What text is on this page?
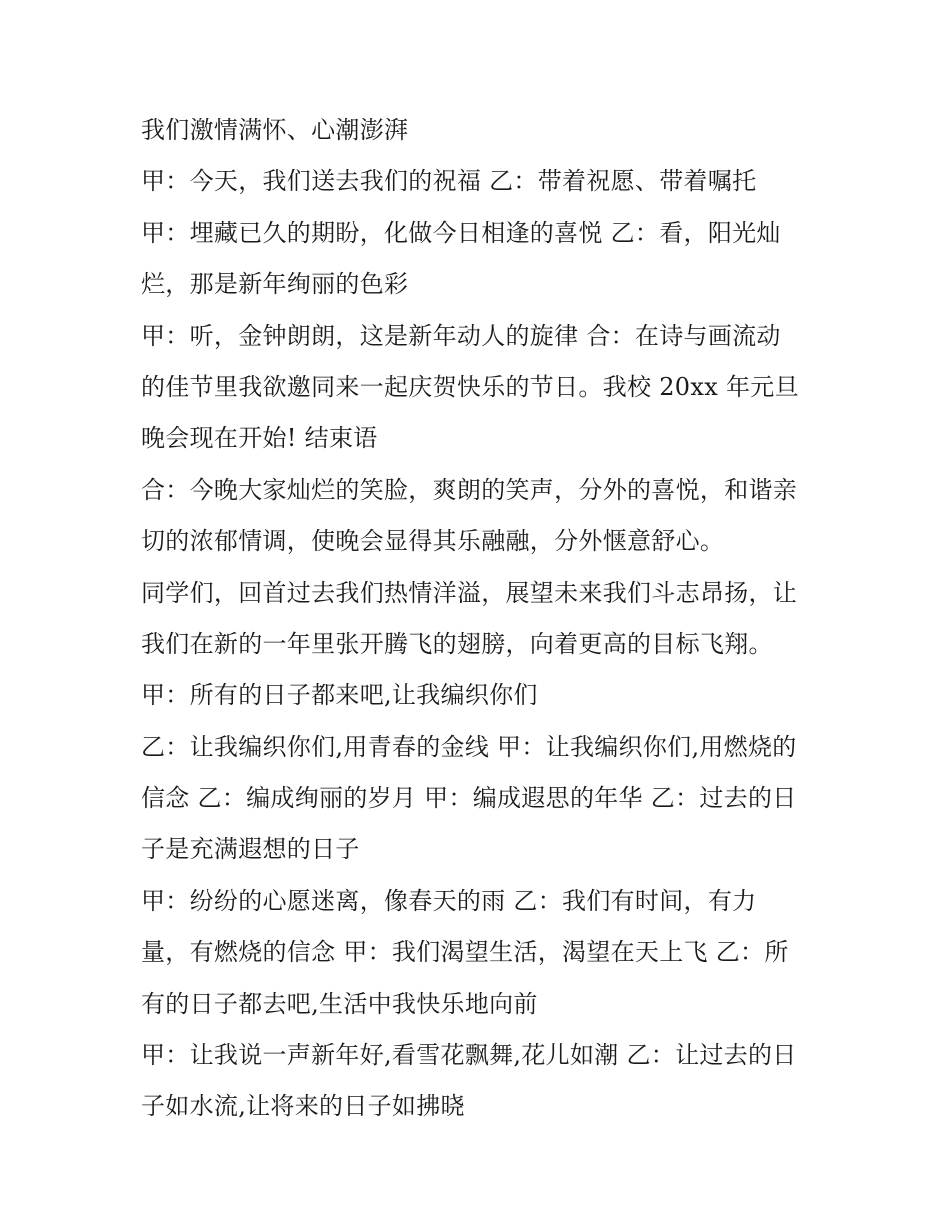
我们激情满怀、心潮澎湃
甲：今天，我们送去我们的祝福 乙：带着祝愿、带着嘱托
甲：埋藏已久的期盼，化做今日相逢的喜悦 乙：看，阳光灿
烂，那是新年绚丽的色彩
甲：听，金钟朗朗，这是新年动人的旋律 合：在诗与画流动
的佳节里我欲邀同来一起庆贺快乐的节日。我校 20xx 年元旦
晚会现在开始! 结束语
合：今晚大家灿烂的笑脸，爽朗的笑声，分外的喜悦，和谐亲
切的浓郁情调，使晚会显得其乐融融，分外惬意舒心。
同学们，回首过去我们热情洋溢，展望未来我们斗志昂扬，让
我们在新的一年里张开腾飞的翅膀，向着更高的目标飞翔。
甲：所有的日子都来吧,让我编织你们
乙：让我编织你们,用青春的金线 甲：让我编织你们,用燃烧的
信念 乙：编成绚丽的岁月 甲：编成遐思的年华 乙：过去的日
子是充满遐想的日子
甲：纷纷的心愿迷离，像春天的雨 乙：我们有时间，有力
量，有燃烧的信念 甲：我们渴望生活，渴望在天上飞 乙：所
有的日子都去吧,生活中我快乐地向前
甲：让我说一声新年好,看雪花飘舞,花儿如潮 乙：让过去的日
子如水流,让将来的日子如拂晓
